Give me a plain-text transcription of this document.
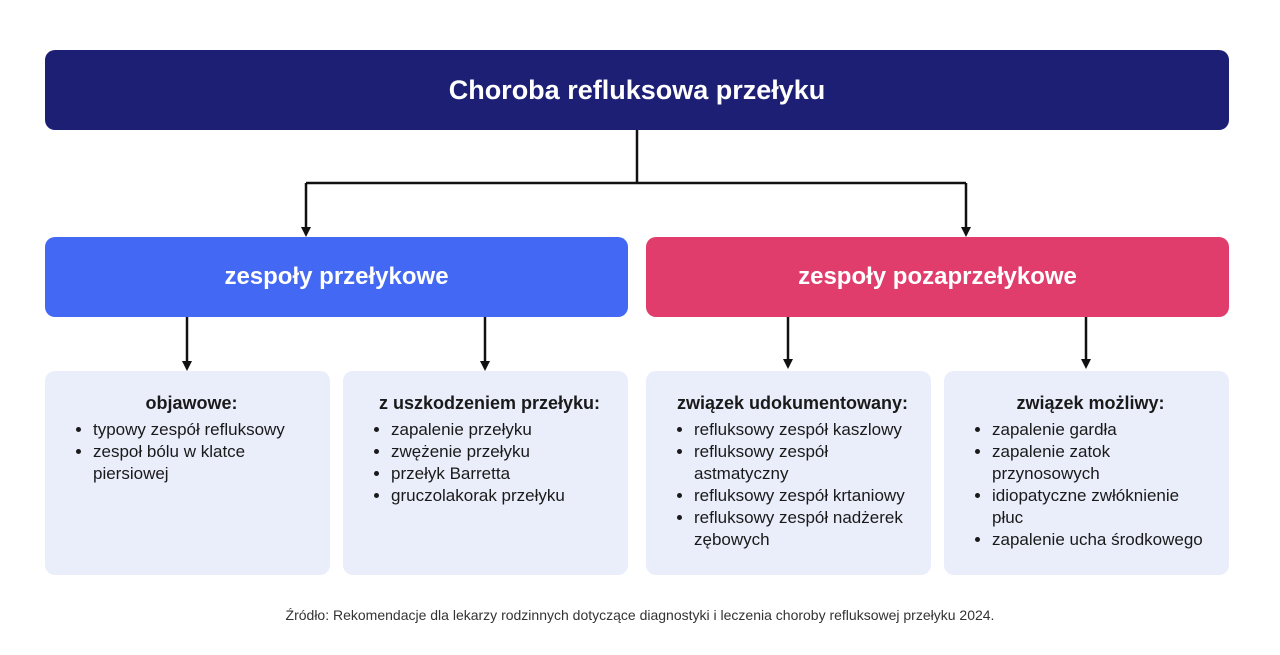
Choroba refluksowa przełyku
zespoły przełykowe	zespoły pozaprzełykowe
objawowe:
• typowy zespół refluksowy
• zespoł bólu w klatce piersiowej
z uszkodzeniem przełyku:
• zapalenie przełyku
• zwężenie przełyku
• przełyk Barretta
• gruczolakorak przełyku
związek udokumentowany:
• refluksowy zespół kaszlowy
• refluksowy zespół astmatyczny
• refluksowy zespół krtaniowy
• refluksowy zespół nadżerek zębowych
związek możliwy:
• zapalenie gardła
• zapalenie zatok przynosowych
• idiopatyczne zwłóknienie płuc
• zapalenie ucha środkowego
Źródło: Rekomendacje dla lekarzy rodzinnych dotyczące diagnostyki i leczenia choroby refluksowej przełyku 2024.
